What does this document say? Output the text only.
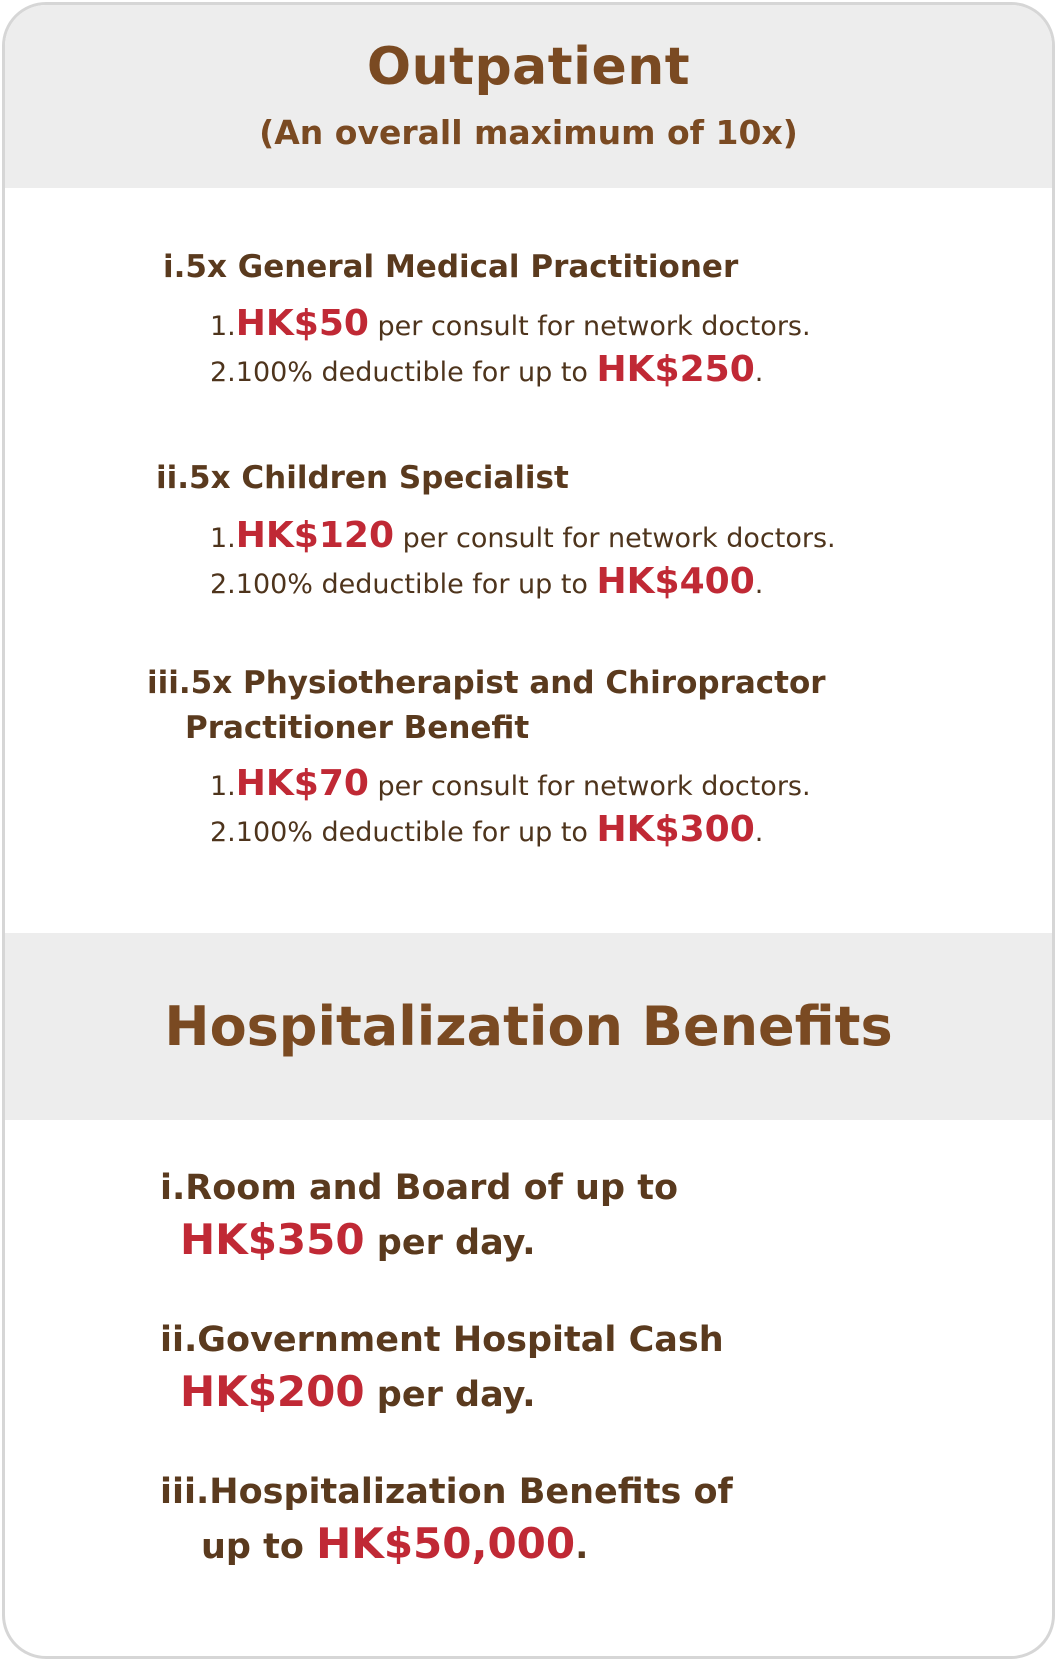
Outpatient
(An overall maximum of 10x)

i.5x General Medical Practitioner

1.HK$50 per consult for network doctors.

2.100% deductible for up to HK$250.

ii.5x Children Specialist

1.HK$120 per consult for network doctors.

2.100% deductible for up to HK$400.

iii.5x Physiotherapist and Chiropractor

Practitioner Benefit

1.HK$70 per consult for network doctors.

2.100% deductible for up to HK$300.

Hospitalization Benefits

i.Room and Board of up to

HK$350 per day.

ii.Government Hospital Cash

HK$200 per day.

iii.Hospitalization Benefits of

up to HK$50,000.
